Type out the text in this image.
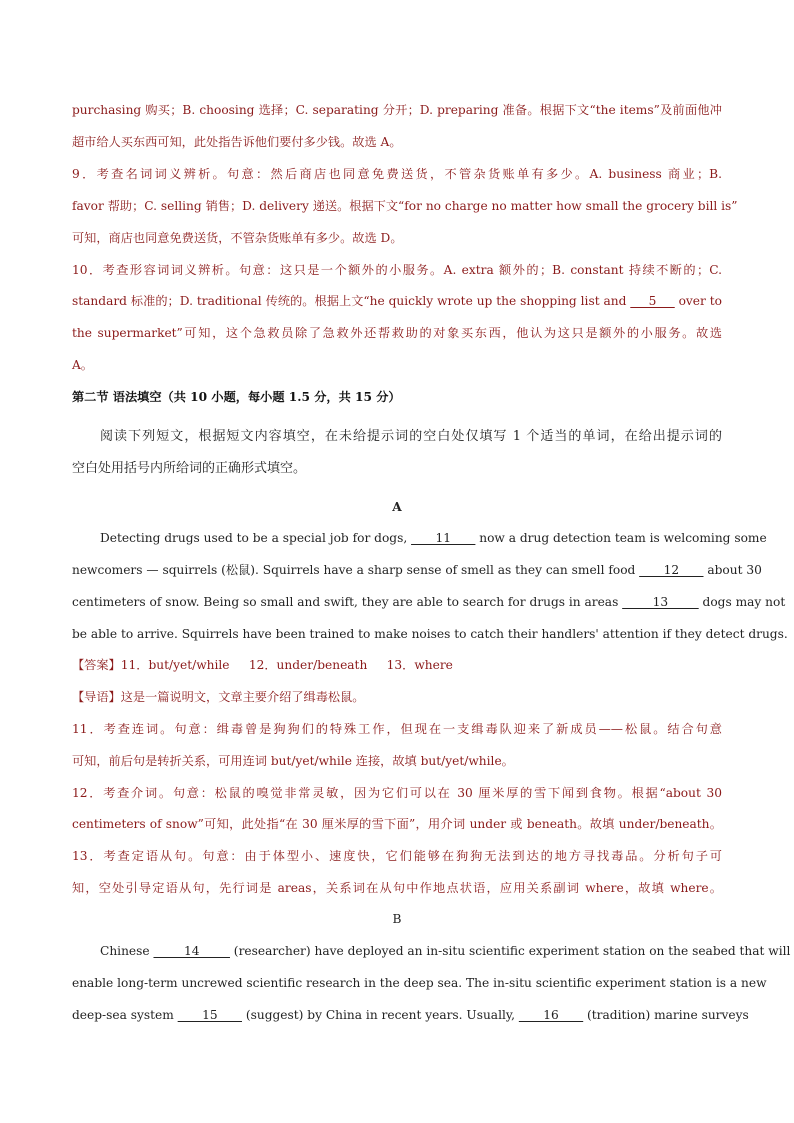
purchasing 购买；B. choosing 选择；C. separating 分开；D. preparing 准备。根据下文“the items”及前面他冲
超市给人买东西可知，此处指告诉他们要付多少钱。故选 A。
9．考查名词词义辨析。句意：然后商店也同意免费送货，不管杂货账单有多少。A. business 商业；B.
favor 帮助；C. selling 销售；D. delivery 递送。根据下文“for no charge no matter how small the grocery bill is”
可知，商店也同意免费送货，不管杂货账单有多少。故选 D。
10．考查形容词词义辨析。句意：这只是一个额外的小服务。A. extra 额外的；B. constant 持续不断的；C.
standard 标准的；D. traditional 传统的。根据上文“he quickly wrote up the shopping list and ___5___ over to
the supermarket”可知，这个急救员除了急救外还帮救助的对象买东西，他认为这只是额外的小服务。故选
A。
第二节 语法填空（共 10 小题，每小题 1.5 分，共 15 分）
阅读下列短文，根据短文内容填空，在未给提示词的空白处仅填写 1 个适当的单词，在给出提示词的
空白处用括号内所给词的正确形式填空。
A
Detecting drugs used to be a special job for dogs, ____11____ now a drug detection team is welcoming some
newcomers — squirrels (松鼠). Squirrels have a sharp sense of smell as they can smell food ____12____ about 30
centimeters of snow. Being so small and swift, they are able to search for drugs in areas _____13_____ dogs may not
be able to arrive. Squirrels have been trained to make noises to catch their handlers' attention if they detect drugs.
【答案】11．but/yet/while     12．under/beneath     13．where
【导语】这是一篇说明文，文章主要介绍了缉毒松鼠。
11．考查连词。句意：缉毒曾是狗狗们的特殊工作，但现在一支缉毒队迎来了新成员——松鼠。结合句意
可知，前后句是转折关系，可用连词 but/yet/while 连接，故填 but/yet/while。
12．考查介词。句意：松鼠的嗅觉非常灵敏，因为它们可以在 30 厘米厚的雪下闻到食物。根据“about 30
centimeters of snow”可知，此处指“在 30 厘米厚的雪下面”，用介词 under 或 beneath。故填 under/beneath。
13．考查定语从句。句意：由于体型小、速度快，它们能够在狗狗无法到达的地方寻找毒品。分析句子可
知，空处引导定语从句，先行词是 areas，关系词在从句中作地点状语，应用关系副词 where，故填 where。
B
Chinese _____14_____ (researcher) have deployed an in-situ scientific experiment station on the seabed that will
enable long-term uncrewed scientific research in the deep sea. The in-situ scientific experiment station is a new
deep-sea system ____15____ (suggest) by China in recent years. Usually, ____16____ (tradition) marine surveys
